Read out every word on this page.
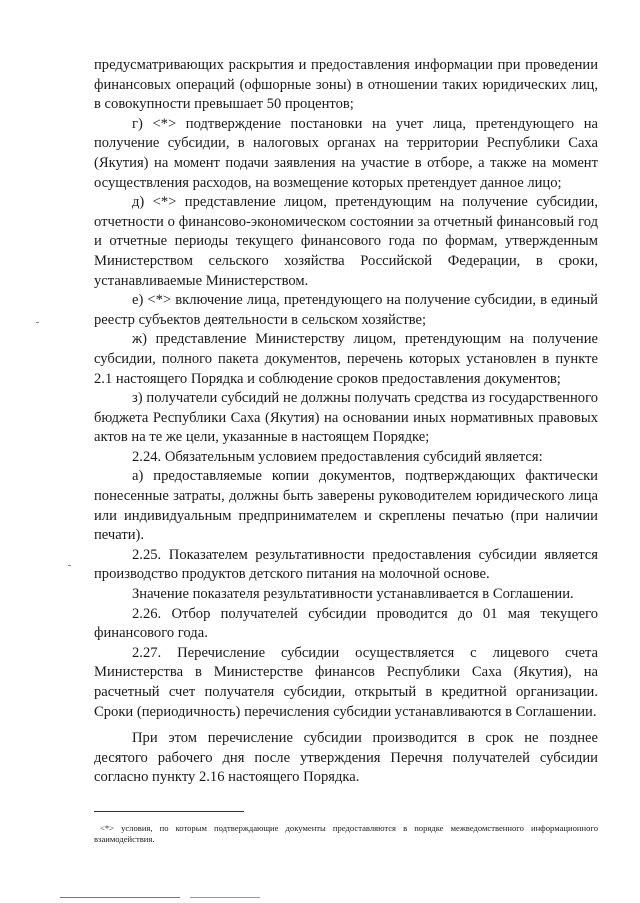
предусматривающих раскрытия и предоставления информации при проведении финансовых операций (офшорные зоны) в отношении таких юридических лиц, в совокупности превышает 50 процентов;

г) <*> подтверждение постановки на учет лица, претендующего на получение субсидии, в налоговых органах на территории Республики Саха (Якутия) на момент подачи заявления на участие в отборе, а также на момент осуществления расходов, на возмещение которых претендует данное лицо;

д) <*> представление лицом, претендующим на получение субсидии, отчетности о финансово-экономическом состоянии за отчетный финансовый год и отчетные периоды текущего финансового года по формам, утвержденным Министерством сельского хозяйства Российской Федерации, в сроки, устанавливаемые Министерством.

е) <*> включение лица, претендующего на получение субсидии, в единый реестр субъектов деятельности в сельском хозяйстве;

ж) представление Министерству лицом, претендующим на получение субсидии, полного пакета документов, перечень которых установлен в пункте 2.1 настоящего Порядка и соблюдение сроков предоставления документов;

з) получатели субсидий не должны получать средства из государственного бюджета Республики Саха (Якутия) на основании иных нормативных правовых актов на те же цели, указанные в настоящем Порядке;

2.24. Обязательным условием предоставления субсидий является:

а) предоставляемые копии документов, подтверждающих фактически понесенные затраты, должны быть заверены руководителем юридического лица или индивидуальным предпринимателем и скреплены печатью (при наличии печати).

2.25. Показателем результативности предоставления субсидии является производство продуктов детского питания на молочной основе.

Значение показателя результативности устанавливается в Соглашении.

2.26. Отбор получателей субсидии проводится до 01 мая текущего финансового года.

2.27. Перечисление субсидии осуществляется с лицевого счета Министерства в Министерстве финансов Республики Саха (Якутия), на расчетный счет получателя субсидии, открытый в кредитной организации. Сроки (периодичность) перечисления субсидии устанавливаются в Соглашении.

При этом перечисление субсидии производится в срок не позднее десятого рабочего дня после утверждения Перечня получателей субсидии согласно пункту 2.16 настоящего Порядка.

<*> условия, по которым подтверждающие документы предоставляются в порядке межведомственного информационного взаимодействия.
